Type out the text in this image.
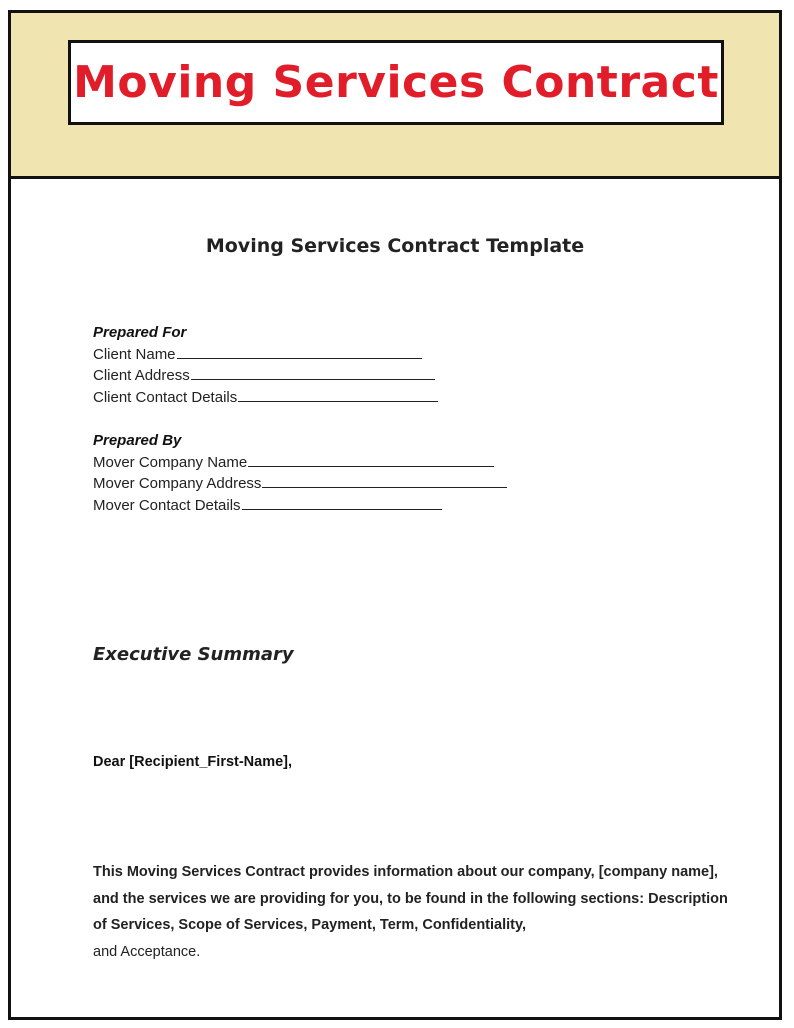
Moving Services Contract
Moving Services Contract Template
Prepared For
Client Name
Client Address
Client Contact Details
Prepared By
Mover Company Name
Mover Company Address
Mover Contact Details
Executive Summary
Dear [Recipient_First-Name],
This Moving Services Contract provides information about our company, [company name], and the services we are providing for you, to be found in the following sections: Description of Services, Scope of Services, Payment, Term, Confidentiality,
and Acceptance.
